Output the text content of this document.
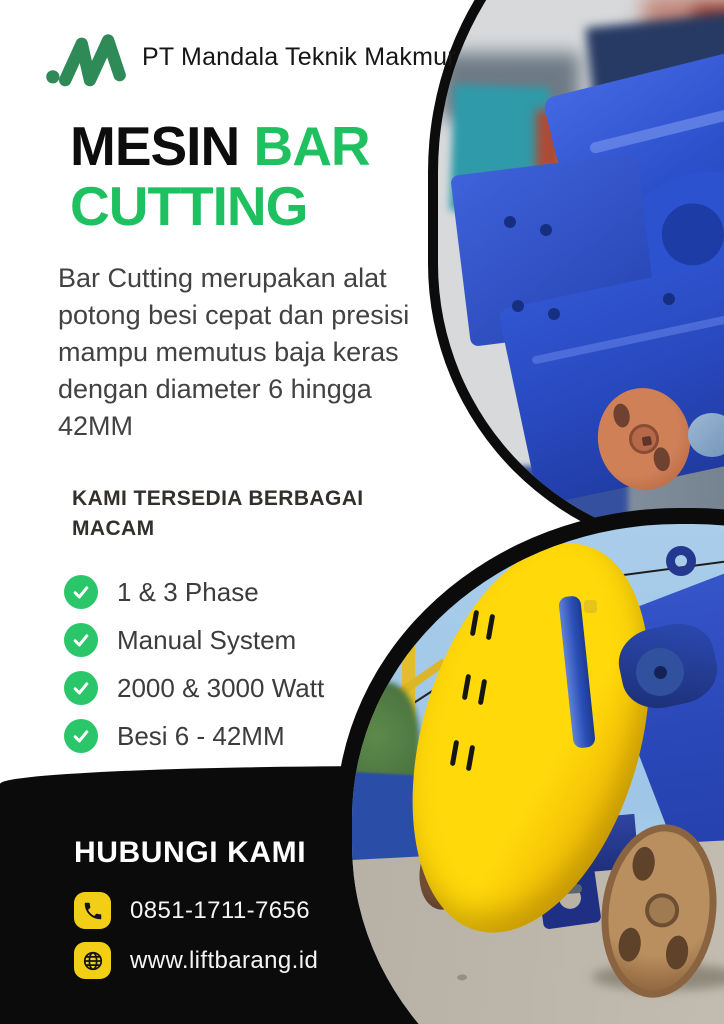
PT Mandala Teknik Makmur
MESIN BAR
CUTTING

Bar Cutting merupakan alat potong besi cepat dan presisi mampu memutus baja keras dengan diameter 6 hingga 42MM

KAMI TERSEDIA BERBAGAI MACAM
1 & 3 Phase
Manual System
2000 & 3000 Watt
Besi 6 - 42MM
HUBUNGI KAMI
0851-1711-7656
www.liftbarang.id
